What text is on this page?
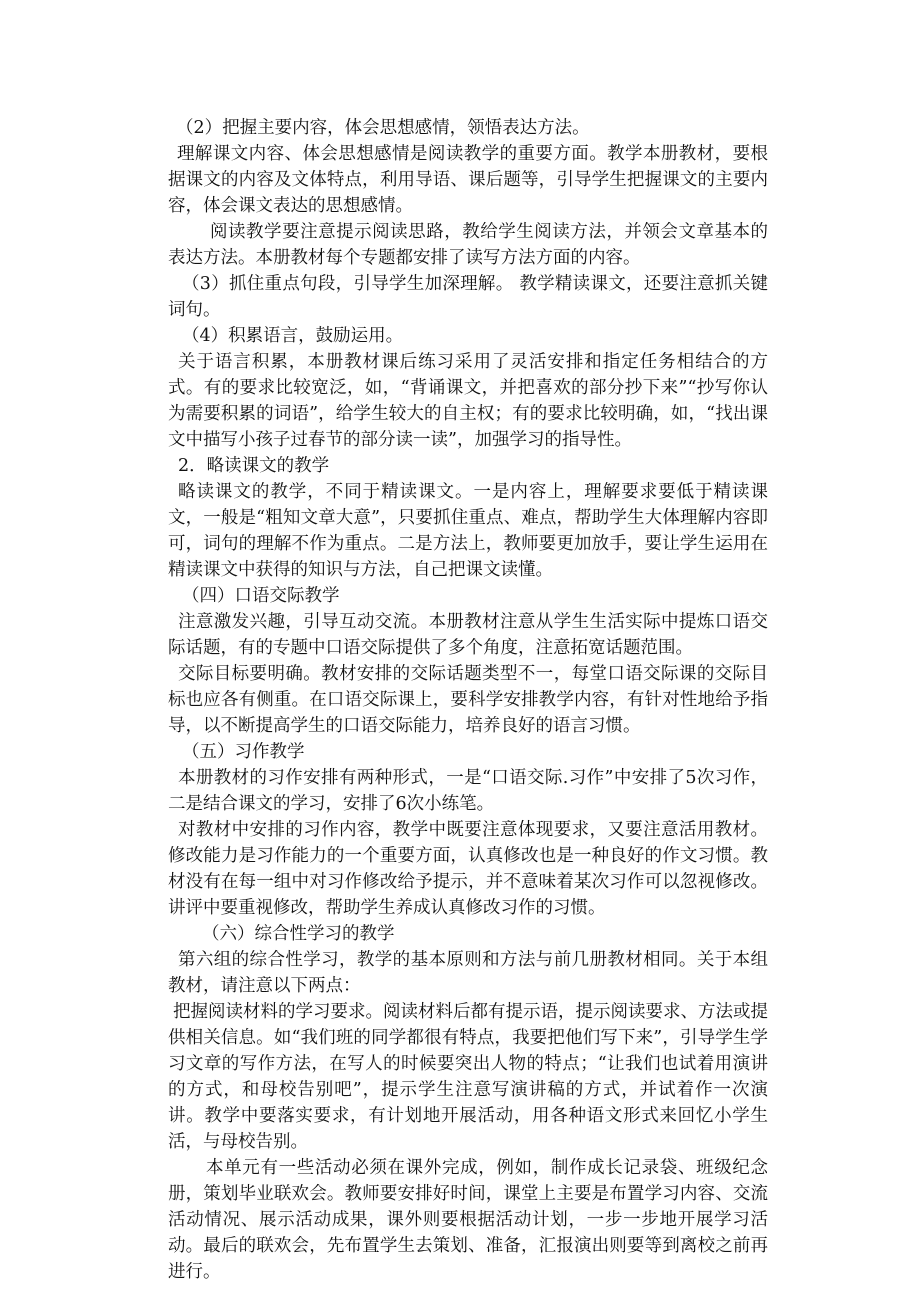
（2）把握主要内容，体会思想感情，领悟表达方法。

理解课文内容、体会思想感情是阅读教学的重要方面。教学本册教材，要根据课文的内容及文体特点，利用导语、课后题等，引导学生把握课文的主要内容，体会课文表达的思想感情。

阅读教学要注意提示阅读思路，教给学生阅读方法，并领会文章基本的表达方法。本册教材每个专题都安排了读写方法方面的内容。

（3）抓住重点句段，引导学生加深理解。 教学精读课文，还要注意抓关键词句。

（4）积累语言，鼓励运用。

关于语言积累，本册教材课后练习采用了灵活安排和指定任务相结合的方式。有的要求比较宽泛，如，“背诵课文，并把喜欢的部分抄下来”“抄写你认为需要积累的词语”，给学生较大的自主权；有的要求比较明确，如，“找出课文中描写小孩子过春节的部分读一读”，加强学习的指导性。

2．略读课文的教学

略读课文的教学，不同于精读课文。一是内容上，理解要求要低于精读课文，一般是“粗知文章大意”，只要抓住重点、难点，帮助学生大体理解内容即可，词句的理解不作为重点。二是方法上，教师要更加放手，要让学生运用在精读课文中获得的知识与方法，自己把课文读懂。

（四）口语交际教学

注意激发兴趣，引导互动交流。本册教材注意从学生生活实际中提炼口语交际话题，有的专题中口语交际提供了多个角度，注意拓宽话题范围。

交际目标要明确。教材安排的交际话题类型不一，每堂口语交际课的交际目标也应各有侧重。在口语交际课上，要科学安排教学内容，有针对性地给予指导，以不断提高学生的口语交际能力，培养良好的语言习惯。

（五）习作教学

本册教材的习作安排有两种形式，一是“口语交际.习作”中安排了5次习作，二是结合课文的学习，安排了6次小练笔。

对教材中安排的习作内容，教学中既要注意体现要求，又要注意活用教材。修改能力是习作能力的一个重要方面，认真修改也是一种良好的作文习惯。教材没有在每一组中对习作修改给予提示，并不意味着某次习作可以忽视修改。讲评中要重视修改，帮助学生养成认真修改习作的习惯。

（六）综合性学习的教学

第六组的综合性学习，教学的基本原则和方法与前几册教材相同。关于本组教材，请注意以下两点：

把握阅读材料的学习要求。阅读材料后都有提示语，提示阅读要求、方法或提供相关信息。如“我们班的同学都很有特点，我要把他们写下来”，引导学生学习文章的写作方法，在写人的时候要突出人物的特点；“让我们也试着用演讲的方式，和母校告别吧”，提示学生注意写演讲稿的方式，并试着作一次演讲。教学中要落实要求，有计划地开展活动，用各种语文形式来回忆小学生活，与母校告别。

本单元有一些活动必须在课外完成，例如，制作成长记录袋、班级纪念册，策划毕业联欢会。教师要安排好时间，课堂上主要是布置学习内容、交流活动情况、展示活动成果，课外则要根据活动计划，一步一步地开展学习活动。最后的联欢会，先布置学生去策划、准备，汇报演出则要等到离校之前再进行。
